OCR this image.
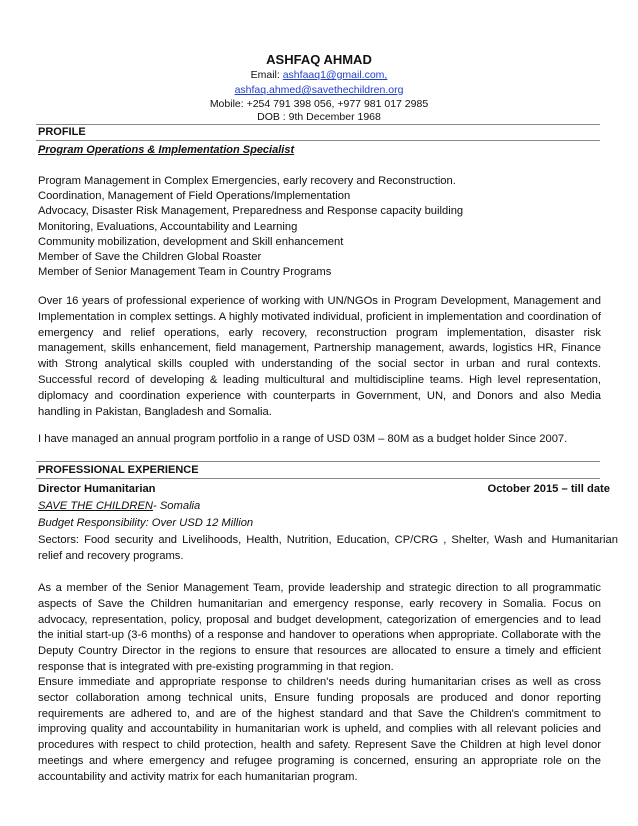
ASHFAQ AHMAD
Email: ashfaaq1@gmail.com,
ashfaq.ahmed@savethechildren.org
Mobile: +254 791 398 056, +977 981 017 2985
DOB : 9th December 1968
PROFILE
Program Operations & Implementation Specialist
Program Management in Complex Emergencies, early recovery and Reconstruction.
Coordination, Management of Field Operations/Implementation
Advocacy, Disaster Risk Management, Preparedness and Response capacity building
Monitoring, Evaluations, Accountability and Learning
Community mobilization, development and Skill enhancement
Member of Save the Children Global Roaster
Member of Senior Management Team in Country Programs

Over 16 years of professional experience of working with UN/NGOs in Program Development, Management and Implementation in complex settings. A highly motivated individual, proficient in implementation and coordination of emergency and relief operations, early recovery, reconstruction program implementation, disaster risk management, skills enhancement, field management, Partnership management, awards, logistics HR, Finance with Strong analytical skills coupled with understanding of the social sector in urban and rural contexts. Successful record of developing & leading multicultural and multidiscipline teams. High level representation, diplomacy and coordination experience with counterparts in Government, UN, and Donors and also Media handling in Pakistan, Bangladesh and Somalia.

I have managed an annual program portfolio in a range of USD 03M – 80M as a budget holder Since 2007.

PROFESSIONAL EXPERIENCE
Director Humanitarian	October 2015 – till date
SAVE THE CHILDREN- Somalia
Budget Responsibility: Over USD 12 Million

Sectors: Food security and Livelihoods, Health, Nutrition, Education, CP/CRG , Shelter, Wash and Humanitarian relief and recovery programs.

As a member of the Senior Management Team, provide leadership and strategic direction to all programmatic aspects of Save the Children humanitarian and emergency response, early recovery in Somalia. Focus on advocacy, representation, policy, proposal and budget development, categorization of emergencies and to lead the initial start-up (3-6 months) of a response and handover to operations when appropriate. Collaborate with the Deputy Country Director in the regions to ensure that resources are allocated to ensure a timely and efficient response that is integrated with pre-existing programming in that region.

Ensure immediate and appropriate response to children's needs during humanitarian crises as well as cross sector collaboration among technical units, Ensure funding proposals are produced and donor reporting requirements are adhered to, and are of the highest standard and that Save the Children's commitment to improving quality and accountability in humanitarian work is upheld, and complies with all relevant policies and procedures with respect to child protection, health and safety. Represent Save the Children at high level donor meetings and where emergency and refugee programing is concerned, ensuring an appropriate role on the accountability and activity matrix for each humanitarian program.
